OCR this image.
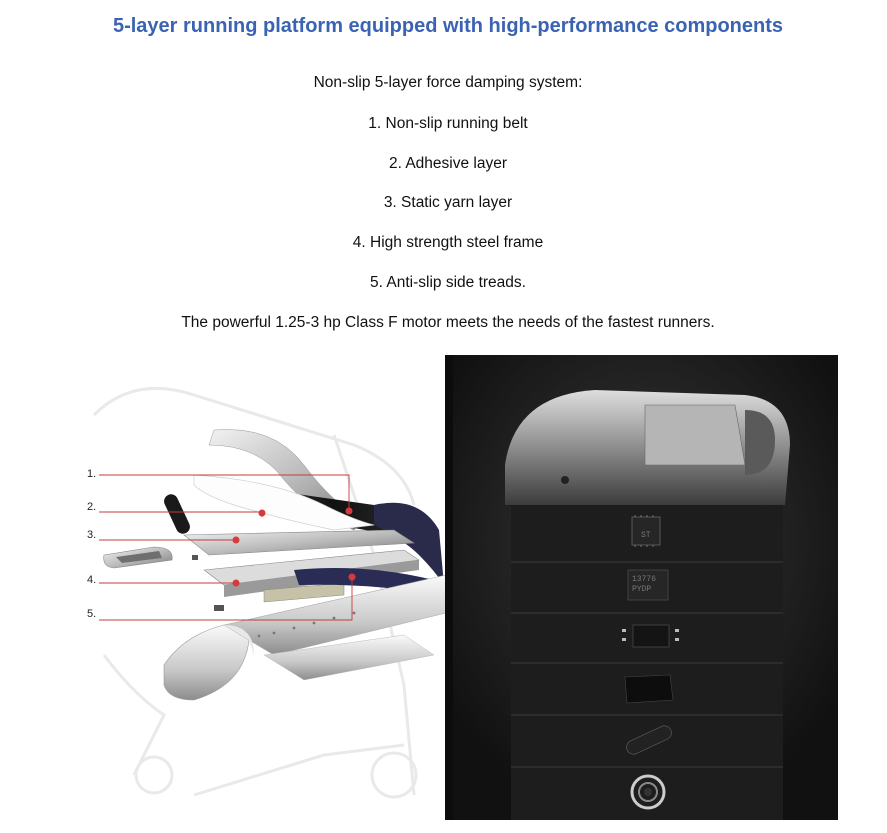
5-layer running platform equipped with high-performance components

Non-slip 5-layer force damping system:

1. Non-slip running belt

2. Adhesive layer

3. Static yarn layer

4. High strength steel frame

5. Anti-slip side treads.

The powerful 1.25-3 hp Class F motor meets the needs of the fastest runners.

1.
2.
3.
4.
5.
ST
13776
PYDP
